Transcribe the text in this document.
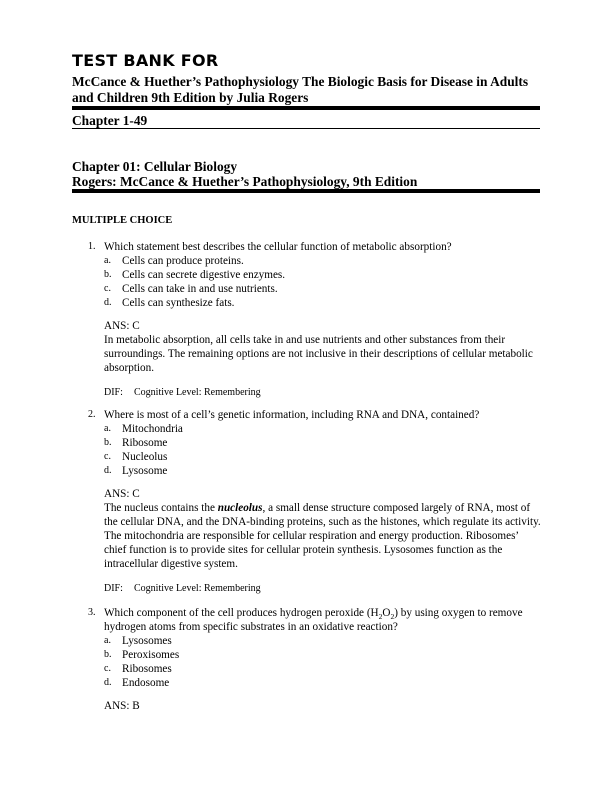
TEST BANK FOR
McCance & Huether’s Pathophysiology The Biologic Basis for Disease in Adults and Children 9th Edition by Julia Rogers
Chapter 1-49
Chapter 01: Cellular Biology
Rogers: McCance & Huether’s Pathophysiology, 9th Edition
MULTIPLE CHOICE
1. Which statement best describes the cellular function of metabolic absorption?
a. Cells can produce proteins.
b. Cells can secrete digestive enzymes.
c. Cells can take in and use nutrients.
d. Cells can synthesize fats.
ANS: C
In metabolic absorption, all cells take in and use nutrients and other substances from their surroundings. The remaining options are not inclusive in their descriptions of cellular metabolic absorption.
DIF: Cognitive Level: Remembering
2. Where is most of a cell’s genetic information, including RNA and DNA, contained?
a. Mitochondria
b. Ribosome
c. Nucleolus
d. Lysosome
ANS: C
The nucleus contains the nucleolus, a small dense structure composed largely of RNA, most of the cellular DNA, and the DNA-binding proteins, such as the histones, which regulate its activity. The mitochondria are responsible for cellular respiration and energy production. Ribosomes’ chief function is to provide sites for cellular protein synthesis. Lysosomes function as the intracellular digestive system.
DIF: Cognitive Level: Remembering
3. Which component of the cell produces hydrogen peroxide $(H_2O_2)$ by using oxygen to remove hydrogen atoms from specific substrates in an oxidative reaction?
a. Lysosomes
b. Peroxisomes
c. Ribosomes
d. Endosome
ANS: B
